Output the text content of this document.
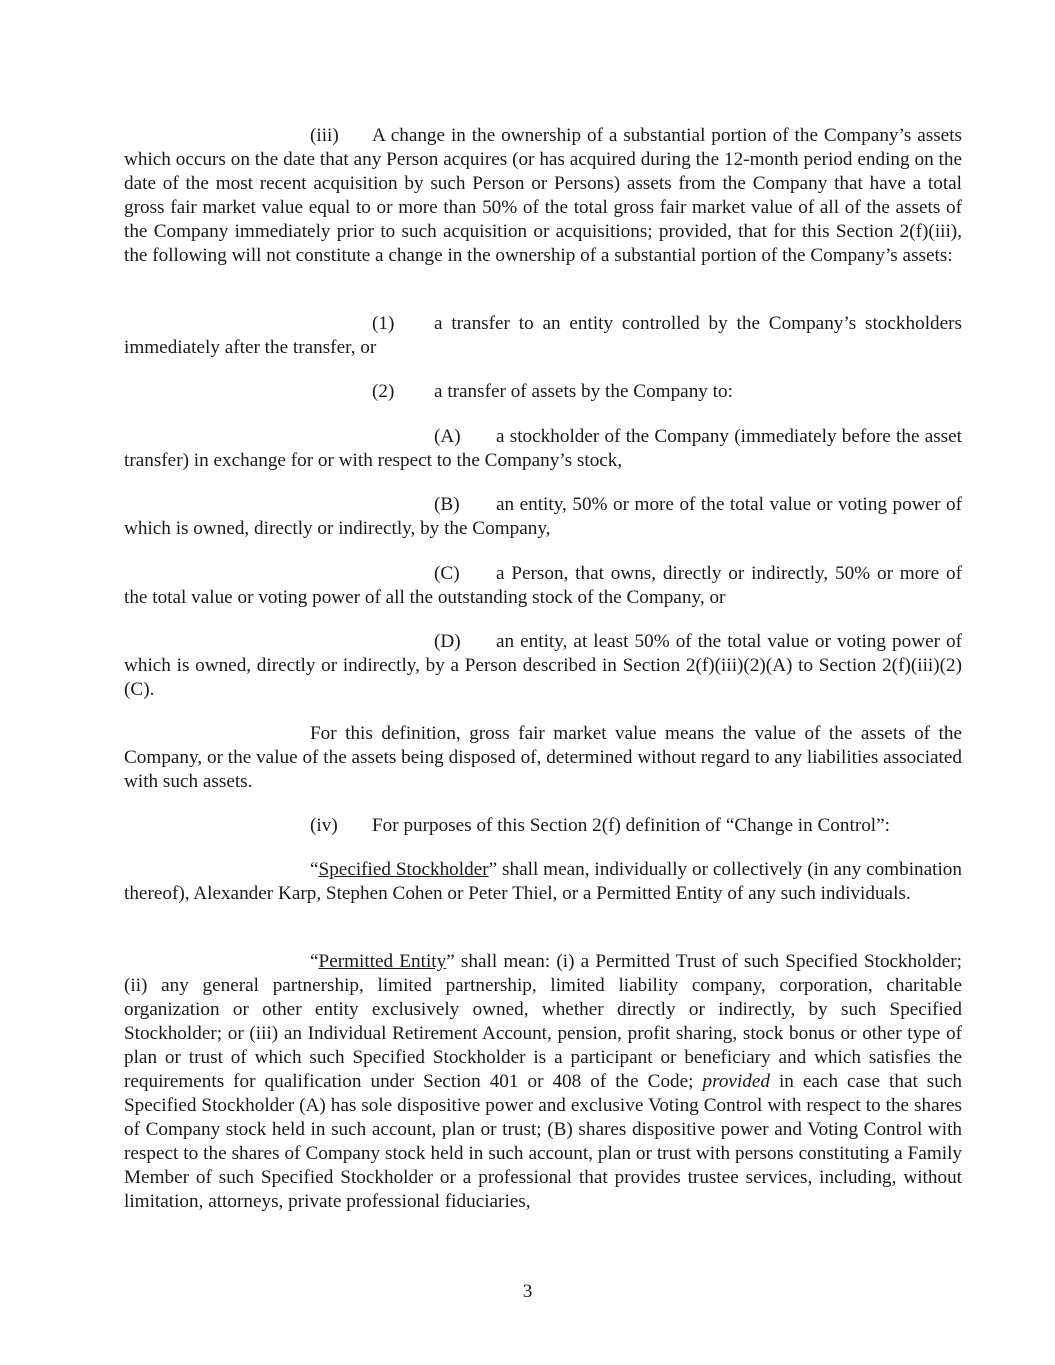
(iii) A change in the ownership of a substantial portion of the Company’s assets which occurs on the date that any Person acquires (or has acquired during the 12-month period ending on the date of the most recent acquisition by such Person or Persons) assets from the Company that have a total gross fair market value equal to or more than 50% of the total gross fair market value of all of the assets of the Company immediately prior to such acquisition or acquisitions; provided, that for this Section 2(f)(iii), the following will not constitute a change in the ownership of a substantial portion of the Company’s assets:

(1) a transfer to an entity controlled by the Company’s stockholders immediately after the transfer, or

(2) a transfer of assets by the Company to:

(A) a stockholder of the Company (immediately before the asset transfer) in exchange for or with respect to the Company’s stock,

(B) an entity, 50% or more of the total value or voting power of which is owned, directly or indirectly, by the Company,

(C) a Person, that owns, directly or indirectly, 50% or more of the total value or voting power of all the outstanding stock of the Company, or

(D) an entity, at least 50% of the total value or voting power of which is owned, directly or indirectly, by a Person described in Section 2(f)(iii)(2)(A) to Section 2(f)(iii)(2)(C).

For this definition, gross fair market value means the value of the assets of the Company, or the value of the assets being disposed of, determined without regard to any liabilities associated with such assets.

(iv) For purposes of this Section 2(f) definition of “Change in Control”:

“Specified Stockholder” shall mean, individually or collectively (in any combination thereof), Alexander Karp, Stephen Cohen or Peter Thiel, or a Permitted Entity of any such individuals.

“Permitted Entity” shall mean: (i) a Permitted Trust of such Specified Stockholder; (ii) any general partnership, limited partnership, limited liability company, corporation, charitable organization or other entity exclusively owned, whether directly or indirectly, by such Specified Stockholder; or (iii) an Individual Retirement Account, pension, profit sharing, stock bonus or other type of plan or trust of which such Specified Stockholder is a participant or beneficiary and which satisfies the requirements for qualification under Section 401 or 408 of the Code; provided in each case that such Specified Stockholder (A) has sole dispositive power and exclusive Voting Control with respect to the shares of Company stock held in such account, plan or trust; (B) shares dispositive power and Voting Control with respect to the shares of Company stock held in such account, plan or trust with persons constituting a Family Member of such Specified Stockholder or a professional that provides trustee services, including, without limitation, attorneys, private professional fiduciaries,

3
